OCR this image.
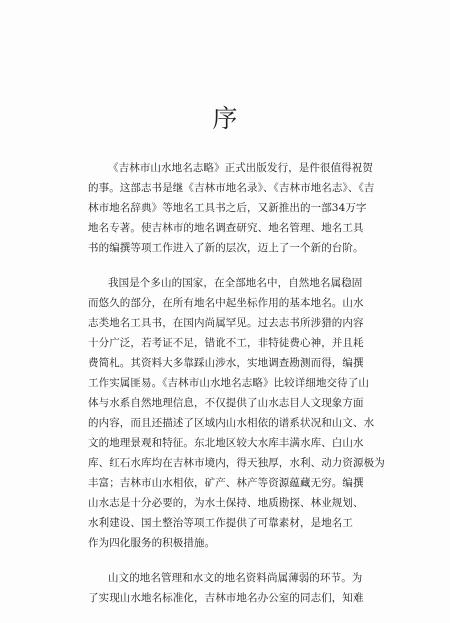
序
《吉林市山水地名志略》正式出版发行，是件很值得祝贺
的事。这部志书是继《吉林市地名录》、《吉林市地名志》、《吉
林市地名辞典》等地名工具书之后，又新推出的一部34万字
地名专著。使吉林市的地名调查研究、地名管理、地名工具
书的编撰等项工作进入了新的层次，迈上了一个新的台阶。
我国是个多山的国家，在全部地名中，自然地名属稳固
而悠久的部分，在所有地名中起坐标作用的基本地名。山水
志类地名工具书，在国内尚属罕见。过去志书所涉猎的内容
十分广泛，若考证不足，错讹不工，非特徒费心神，并且耗
费简札。其资料大多靠踩山涉水，实地调查勘测而得，编撰
工作实属匪易。《吉林市山水地名志略》比较详细地交待了山
体与水系自然地理信息，不仅提供了山水志目人文现象方面
的内容，而且还描述了区域内山水相依的谱系状况和山文、水
文的地理景观和特征。东北地区较大水库丰满水库、白山水
库、红石水库均在吉林市境内，得天独厚，水利、动力资源极为
丰富；吉林市山水相依，矿产、林产等资源蕴藏无穷。编撰
山水志是十分必要的，为水土保持、地质勘探、林业规划、
水利建设、国土整治等项工作提供了可靠素材，是地名工
作为四化服务的积极措施。
山文的地名管理和水文的地名资料尚属薄弱的环节。为
了实现山水地名标准化，吉林市地名办公室的同志们，知难
